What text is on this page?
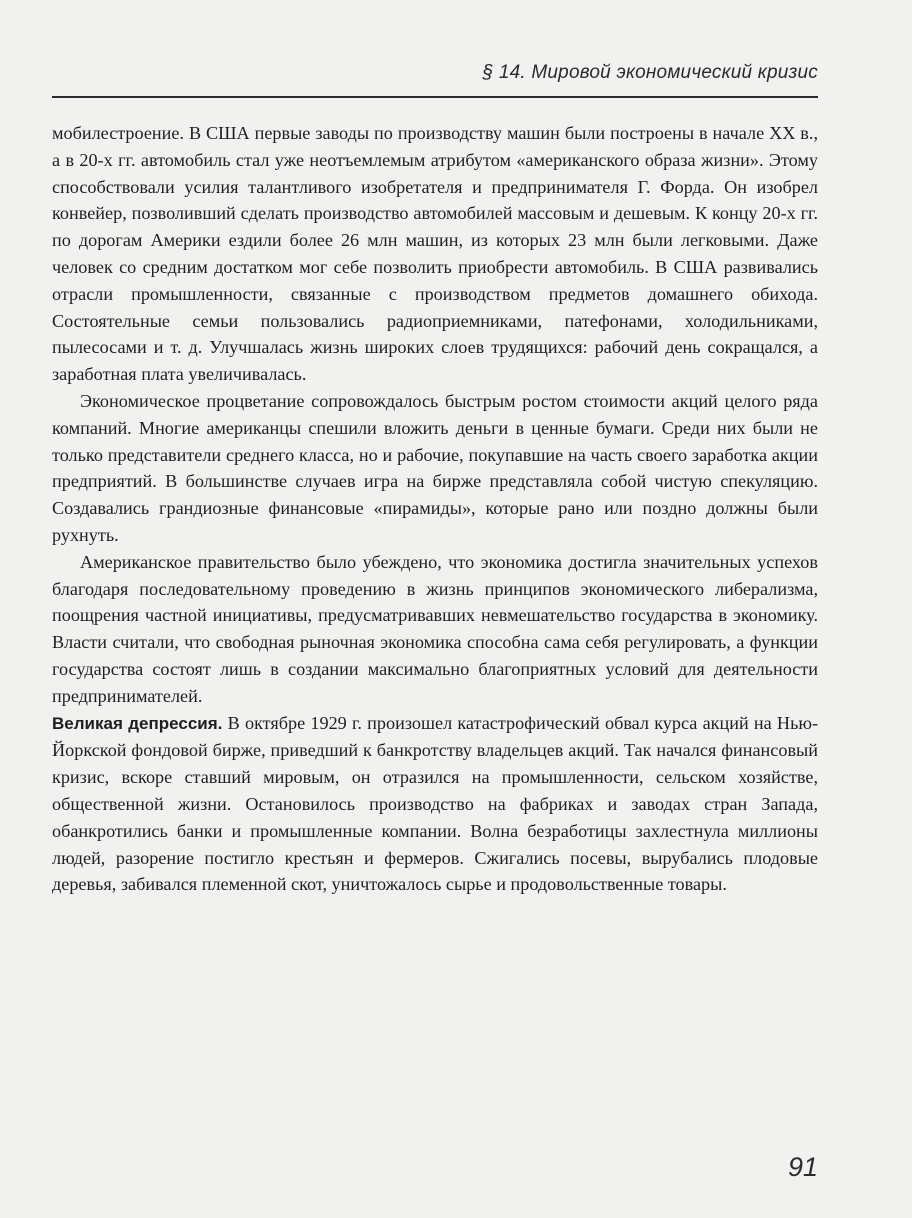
§ 14. Мировой экономический кризис

мобилестроение. В США первые заводы по производству машин были построены в начале XX в., а в 20-х гг. автомобиль стал уже неотъемлемым атрибутом «американского образа жизни». Этому способствовали усилия талантливого изобретателя и предпринимателя Г. Форда. Он изобрел конвейер, позволивший сделать производство автомобилей массовым и дешевым. К концу 20-х гг. по дорогам Америки ездили более 26 млн машин, из которых 23 млн были легковыми. Даже человек со средним достатком мог себе позволить приобрести автомобиль. В США развивались отрасли промышленности, связанные с производством предметов домашнего обихода. Состоятельные семьи пользовались радиоприемниками, патефонами, холодильниками, пылесосами и т. д. Улучшалась жизнь широких слоев трудящихся: рабочий день сокращался, а заработная плата увеличивалась.

Экономическое процветание сопровождалось быстрым ростом стоимости акций целого ряда компаний. Многие американцы спешили вложить деньги в ценные бумаги. Среди них были не только представители среднего класса, но и рабочие, покупавшие на часть своего заработка акции предприятий. В большинстве случаев игра на бирже представляла собой чистую спекуляцию. Создавались грандиозные финансовые «пирамиды», которые рано или поздно должны были рухнуть.

Американское правительство было убеждено, что экономика достигла значительных успехов благодаря последовательному проведению в жизнь принципов экономического либерализма, поощрения частной инициативы, предусматривавших невмешательство государства в экономику. Власти считали, что свободная рыночная экономика способна сама себя регулировать, а функции государства состоят лишь в создании максимально благоприятных условий для деятельности предпринимателей.

Великая депрессия. В октябре 1929 г. произошел катастрофический обвал курса акций на Нью-Йоркской фондовой бирже, приведший к банкротству владельцев акций. Так начался финансовый кризис, вскоре ставший мировым, он отразился на промышленности, сельском хозяйстве, общественной жизни. Остановилось производство на фабриках и заводах стран Запада, обанкротились банки и промышленные компании. Волна безработицы захлестнула миллионы людей, разорение постигло крестьян и фермеров. Сжигались посевы, вырубались плодовые деревья, забивался племенной скот, уничтожалось сырье и продовольственные товары.

91
